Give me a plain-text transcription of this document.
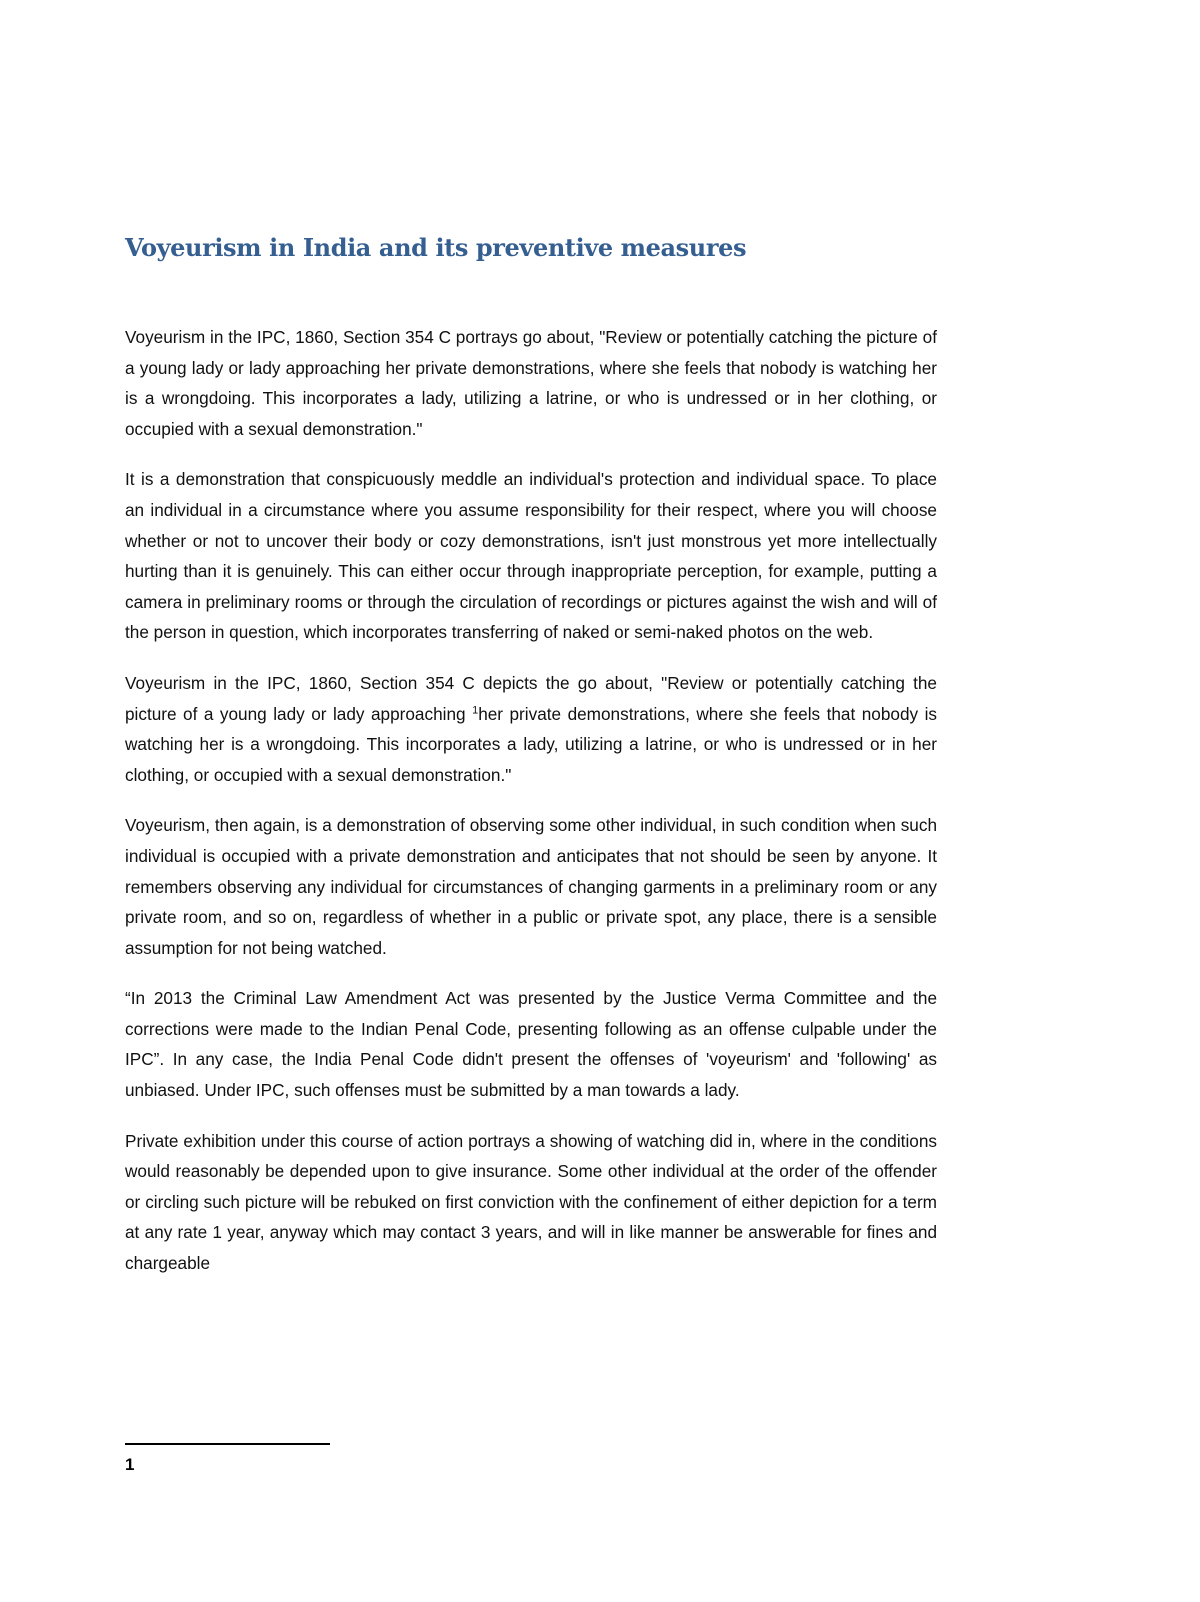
Voyeurism in India and its preventive measures

Voyeurism in the IPC, 1860, Section 354 C portrays go about, "Review or potentially catching the picture of a young lady or lady approaching her private demonstrations, where she feels that nobody is watching her is a wrongdoing. This incorporates a lady, utilizing a latrine, or who is undressed or in her clothing, or occupied with a sexual demonstration."

It is a demonstration that conspicuously meddle an individual's protection and individual space. To place an individual in a circumstance where you assume responsibility for their respect, where you will choose whether or not to uncover their body or cozy demonstrations, isn't just monstrous yet more intellectually hurting than it is genuinely. This can either occur through inappropriate perception, for example, putting a camera in preliminary rooms or through the circulation of recordings or pictures against the wish and will of the person in question, which incorporates transferring of naked or semi-naked photos on the web.

Voyeurism in the IPC, 1860, Section 354 C depicts the go about, "Review or potentially catching the picture of a young lady or lady approaching $^1$her private demonstrations, where she feels that nobody is watching her is a wrongdoing. This incorporates a lady, utilizing a latrine, or who is undressed or in her clothing, or occupied with a sexual demonstration."

Voyeurism, then again, is a demonstration of observing some other individual, in such condition when such individual is occupied with a private demonstration and anticipates that not should be seen by anyone. It remembers observing any individual for circumstances of changing garments in a preliminary room or any private room, and so on, regardless of whether in a public or private spot, any place, there is a sensible assumption for not being watched.

“In 2013 the Criminal Law Amendment Act was presented by the Justice Verma Committee and the corrections were made to the Indian Penal Code, presenting following as an offense culpable under the IPC”. In any case, the India Penal Code didn't present the offenses of 'voyeurism' and 'following' as unbiased. Under IPC, such offenses must be submitted by a man towards a lady.

Private exhibition under this course of action portrays a showing of watching did in, where in the conditions would reasonably be depended upon to give insurance. Some other individual at the order of the offender or circling such picture will be rebuked on first conviction with the confinement of either depiction for a term at any rate 1 year, anyway which may contact 3 years, and will in like manner be answerable for fines and chargeable

1
